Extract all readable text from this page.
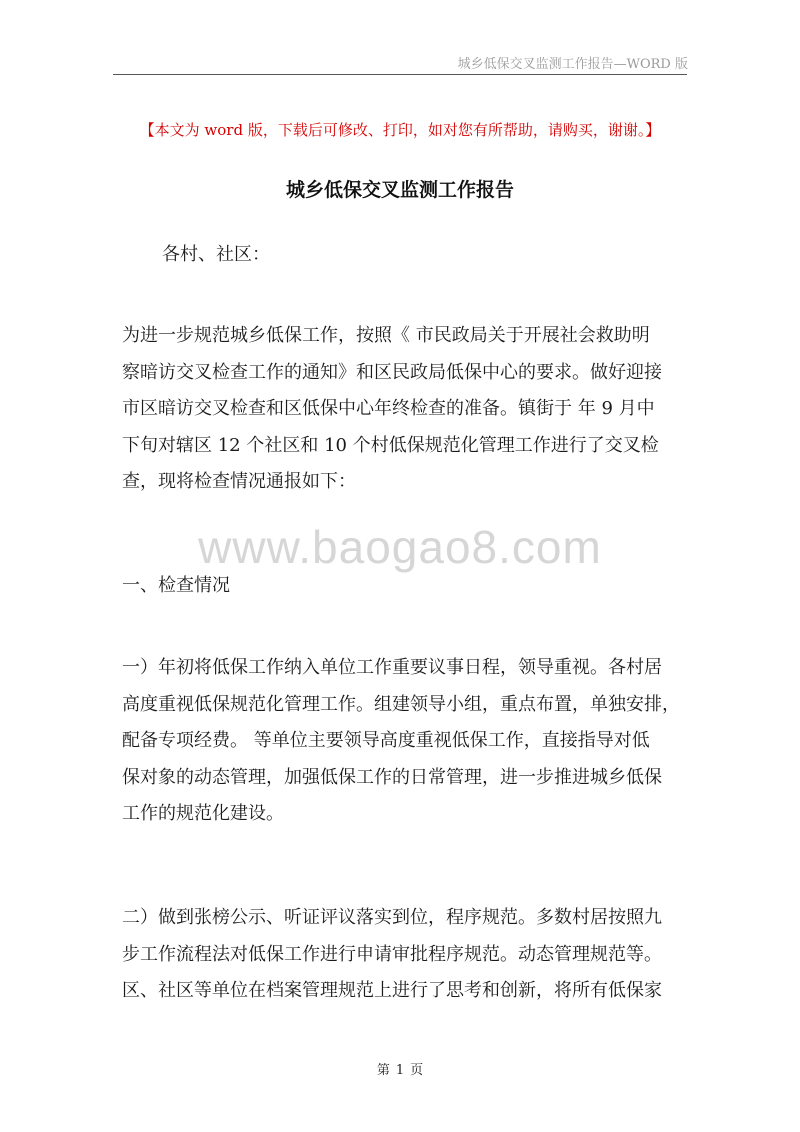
城乡低保交叉监测工作报告—WORD 版
【本文为 word 版，下载后可修改、打印，如对您有所帮助，请购买，谢谢。】
城乡低保交叉监测工作报告
各村、社区：
为进一步规范城乡低保工作，按照《 市民政局关于开展社会救助明
察暗访交叉检查工作的通知》和区民政局低保中心的要求。做好迎接
市区暗访交叉检查和区低保中心年终检查的准备。镇街于 年 9 月中
下旬对辖区 12 个社区和 10 个村低保规范化管理工作进行了交叉检
查，现将检查情况通报如下：
www.baogao8.com
一、检查情况
一）年初将低保工作纳入单位工作重要议事日程，领导重视。各村居
高度重视低保规范化管理工作。组建领导小组，重点布置，单独安排，
配备专项经费。 等单位主要领导高度重视低保工作，直接指导对低
保对象的动态管理，加强低保工作的日常管理，进一步推进城乡低保
工作的规范化建设。
二）做到张榜公示、听证评议落实到位，程序规范。多数村居按照九
步工作流程法对低保工作进行申请审批程序规范。动态管理规范等。
区、社区等单位在档案管理规范上进行了思考和创新，将所有低保家
第 1 页
